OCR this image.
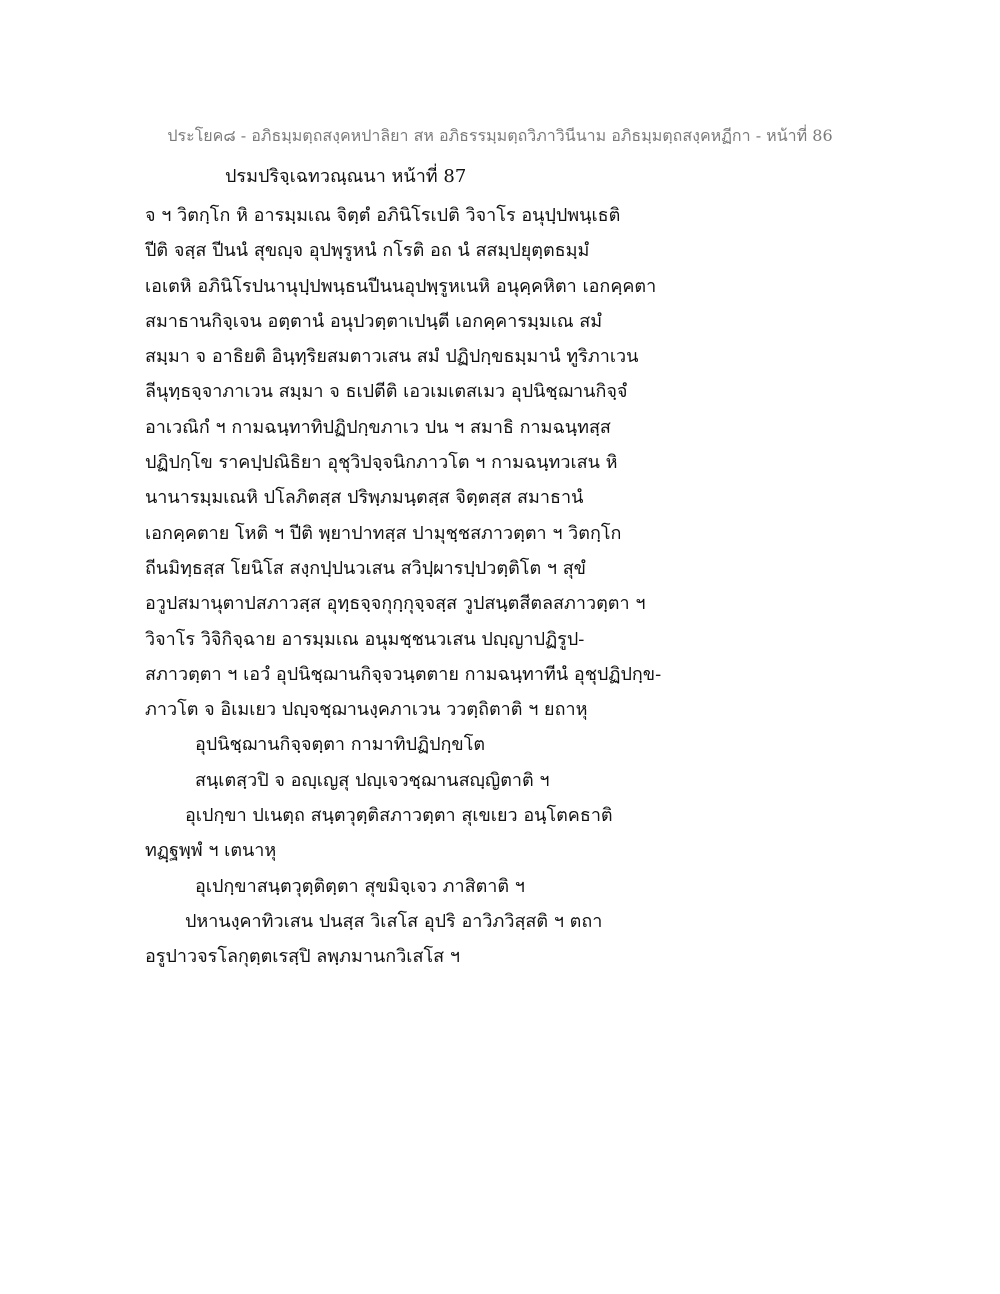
ประโยค๘ - อภิธมฺมตฺถสงฺคหปาลิยา สห อภิธรรมฺมตฺถวิภาวินีนาม อภิธมฺมตฺถสงฺคหฏีกา - หน้าที่ 86
ปรมปริจฺเฉทวณฺณนา หน้าที่ 87
จ ฯ วิตกฺโก หิ อารมฺมเณ จิตฺตํ อภินิโรเปติ วิจาโร อนุปฺปพนฺเธติ
ปีติ จสฺส ปีนนํ สุขญฺจ อุปพฺรูหนํ กโรติ อถ นํ สสมฺปยุตฺตธมฺมํ
เอเตหิ อภินิโรปนานุปฺปพนฺธนปีนนอุปพฺรูหเนหิ อนุคฺคหิตา เอกคฺคตา
สมาธานกิจฺเจน อตฺตานํ อนุปวตฺตาเปนฺตี เอกคฺคารมฺมเณ สมํ
สมฺมา จ อาธิยติ อินฺทฺริยสมตาวเสน สมํ ปฏิปกฺขธมฺมานํ ทูริภาเวน
ลีนุทฺธจฺจาภาเวน สมฺมา จ ธเปตีติ เอวเมเตสเมว อุปนิชฺฌานกิจฺจํ
อาเวณิกํ ฯ กามฉนฺทาทิปฏิปกฺขภาเว ปน ฯ สมาธิ กามฉนฺทสฺส
ปฏิปกฺโข ราคปฺปณิธิยา อุชุวิปจฺจนิกภาวโต ฯ กามฉนฺทวเสน หิ
นานารมฺมเณหิ ปโลภิตสฺส ปริพฺภมนฺตสฺส จิตฺตสฺส สมาธานํ
เอกคฺคตาย โหติ ฯ ปีติ พฺยาปาทสฺส ปามุชฺชสภาวตฺตา ฯ วิตกฺโก
ถีนมิทฺธสฺส โยนิโส สงฺกปฺปนวเสน สวิปฺผารปฺปวตฺติโต ฯ สุขํ
อวูปสมานุตาปสภาวสฺส อุทฺธจฺจกุกฺกุจฺจสฺส วูปสนฺตสีตลสภาวตฺตา ฯ
วิจาโร วิจิกิจฺฉาย อารมฺมเณ อนุมชฺชนวเสน ปญฺญาปฏิรูป-
สภาวตฺตา ฯ เอวํ อุปนิชฺฌานกิจฺจวนฺตตาย กามฉนฺทาทีนํ อุชุปฏิปกฺข-
ภาวโต จ อิเมเยว ปญฺจชฺฌานงฺคภาเวน ววตฺถิตาติ ฯ ยถาหุ
อุปนิชฺฌานกิจฺจตฺตา กามาทิปฏิปกฺขโต
สนฺเตสฺวปิ จ อญฺเญสุ ปญฺเจวชฺฌานสญฺญิตาติ ฯ
อุเปกฺขา ปเนตฺถ สนฺตวุตฺติสภาวตฺตา สุเขเยว อนฺโตคธาติ
ทฏฺฐพฺพํ ฯ เตนาหุ
อุเปกฺขาสนฺตวุตฺติตฺตา สุขมิจฺเจว ภาสิตาติ ฯ
ปหานงฺคาทิวเสน ปนสฺส วิเสโส อุปริ อาวิภวิสฺสติ ฯ ตถา
อรูปาวจรโลกุตฺตเรสฺปิ ลพฺภมานกวิเสโส ฯ
